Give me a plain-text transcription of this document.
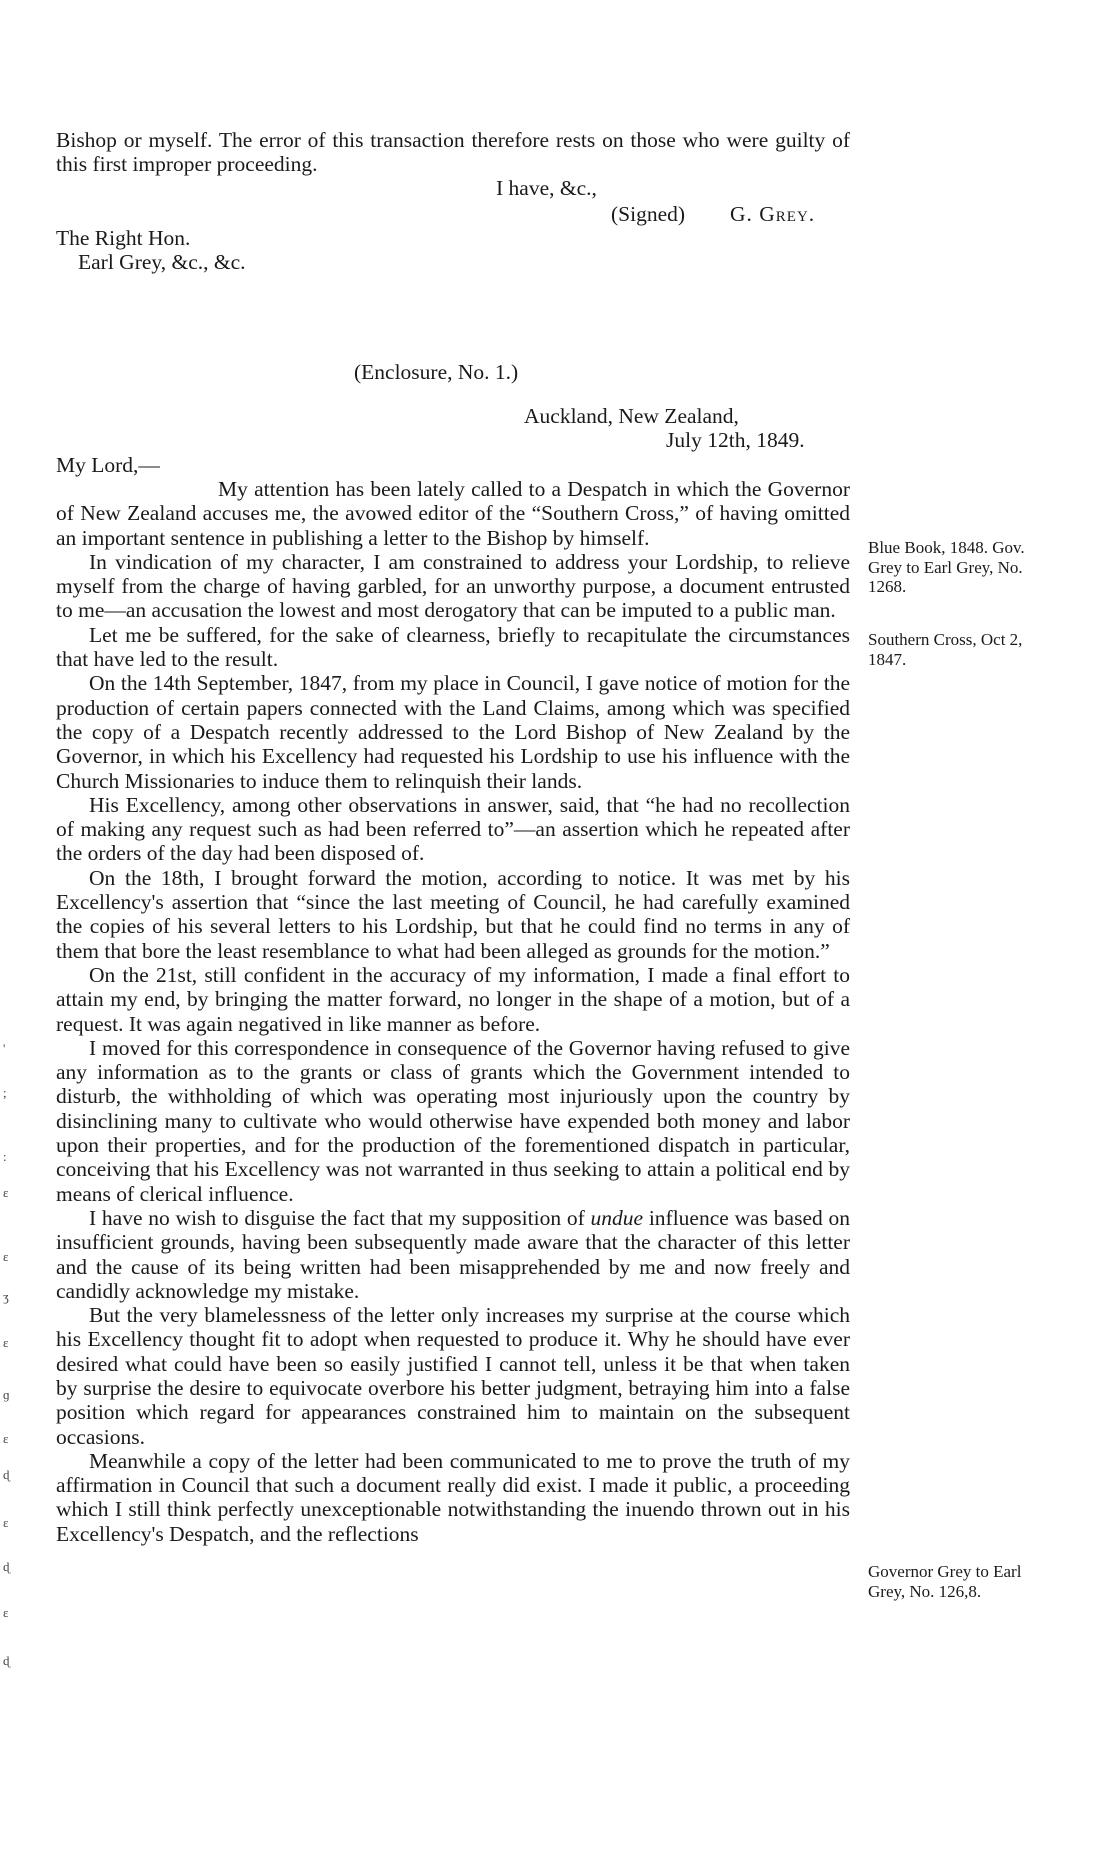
Bishop or myself. The error of this transaction therefore rests on those who were guilty of this first improper proceeding.

I have, &c.,
(Signed) G. Grey.
The Right Hon.
Earl Grey, &c., &c.
(Enclosure, No. 1.)
Auckland, New Zealand,
July 12th, 1849.
My Lord,—

My attention has been lately called to a Despatch in which the Governor of New Zealand accuses me, the avowed editor of the “Southern Cross,” of having omitted an important sentence in publishing a letter to the Bishop by himself.

In vindication of my character, I am constrained to address your Lordship, to relieve myself from the charge of having garbled, for an unworthy purpose, a document entrusted to me—an accusation the lowest and most derogatory that can be imputed to a public man.

Let me be suffered, for the sake of clearness, briefly to recapitulate the circumstances that have led to the result.

On the 14th September, 1847, from my place in Council, I gave notice of motion for the production of certain papers connected with the Land Claims, among which was specified the copy of a Despatch recently addressed to the Lord Bishop of New Zealand by the Governor, in which his Excellency had requested his Lordship to use his influence with the Church Missionaries to induce them to relinquish their lands.

His Excellency, among other observations in answer, said, that “he had no recollection of making any request such as had been referred to”—an assertion which he repeated after the orders of the day had been disposed of.

On the 18th, I brought forward the motion, according to notice. It was met by his Excellency's assertion that “since the last meeting of Council, he had carefully examined the copies of his several letters to his Lordship, but that he could find no terms in any of them that bore the least resemblance to what had been alleged as grounds for the motion.”

On the 21st, still confident in the accuracy of my information, I made a final effort to attain my end, by bringing the matter forward, no longer in the shape of a motion, but of a request. It was again negatived in like manner as before.

I moved for this correspondence in consequence of the Governor having refused to give any information as to the grants or class of grants which the Government intended to disturb, the withholding of which was operating most injuriously upon the country by disinclining many to cultivate who would otherwise have expended both money and labor upon their properties, and for the production of the forementioned dispatch in particular, conceiving that his Excellency was not warranted in thus seeking to attain a political end by means of clerical influence.

I have no wish to disguise the fact that my supposition of undue influence was based on insufficient grounds, having been subsequently made aware that the character of this letter and the cause of its being written had been misapprehended by me and now freely and candidly acknowledge my mistake.

But the very blamelessness of the letter only increases my surprise at the course which his Excellency thought fit to adopt when requested to produce it. Why he should have ever desired what could have been so easily justified I cannot tell, unless it be that when taken by surprise the desire to equivocate overbore his better judgment, betraying him into a false position which regard for appearances constrained him to maintain on the subsequent occasions.

Meanwhile a copy of the letter had been communicated to me to prove the truth of my affirmation in Council that such a document really did exist. I made it public, a proceeding which I still think perfectly unexceptionable notwithstanding the inuendo thrown out in his Excellency's Despatch, and the reflections

Blue Book, 1848. Gov. Grey to Earl Grey, No. 1268.

Southern Cross, Oct 2, 1847.

Governor Grey to Earl Grey, No. 126,8.

'
;
:
ɛ
ɛ
ʒ
ɛ
ɡ
ɛ
ɖ
ɛ
ɖ
ɛ
ɖ
